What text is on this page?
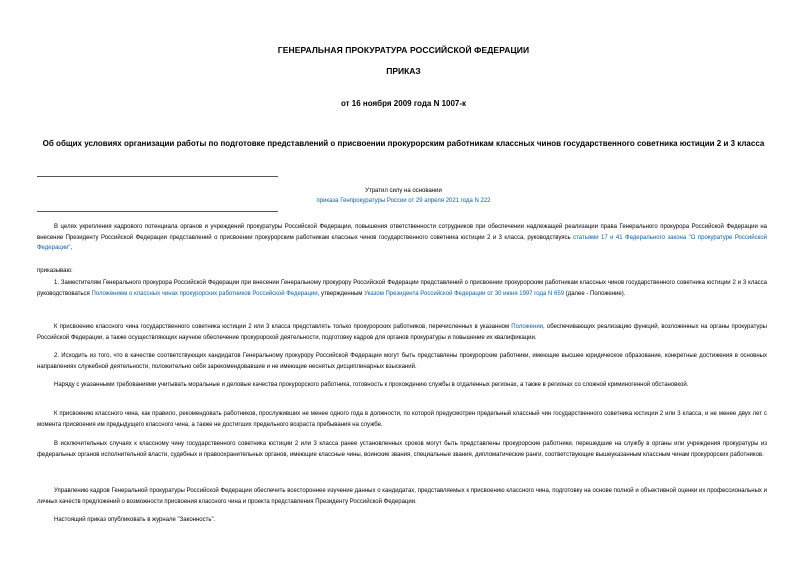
ГЕНЕРАЛЬНАЯ ПРОКУРАТУРА РОССИЙСКОЙ ФЕДЕРАЦИИ
ПРИКАЗ
от 16 ноября 2009 года N 1007-к
Об общих условиях организации работы по подготовке представлений о присвоении прокурорским работникам классных чинов государственного советника юстиции 2 и 3 класса
Утратил силу на основании
приказа Генпрокуратуры России от 29 апреля 2021 года N 222

В целях укрепления кадрового потенциала органов и учреждений прокуратуры Российской Федерации, повышения ответственности сотрудников при обеспечении надлежащей реализации права Генерального прокурора Российской Федерации на внесение Президенту Российской Федерации представлений о присвоении прокурорским работникам классных чинов государственного советника юстиции 2 и 3 класса, руководствуясь статьями 17 и 41 Федерального закона "О прокуратуре Российской Федерации",

приказываю:

1. Заместителям Генерального прокурора Российской Федерации при внесении Генеральному прокурору Российской Федерации представлений о присвоении прокурорским работникам классных чинов государственного советника юстиции 2 и 3 класса руководствоваться Положением о классных чинах прокурорских работников Российской Федерации, утвержденным Указом Президента Российской Федерации от 30 июня 1997 года N 659 (далее - Положение).

К присвоению классного чина государственного советника юстиции 2 или 3 класса представлять только прокурорских работников, перечисленных в указанном Положении, обеспечивающих реализацию функций, возложенных на органы прокуратуры Российской Федерации, а также осуществляющих научное обеспечение прокурорской деятельности, подготовку кадров для органов прокуратуры и повышение их квалификации.

2. Исходить из того, что в качестве соответствующих кандидатов Генеральному прокурору Российской Федерации могут быть представлены прокурорские работники, имеющие высшее юридическое образование, конкретные достижения в основных направлениях служебной деятельности, положительно себя зарекомендовавшие и не имеющие неснятых дисциплинарных взысканий.

Наряду с указанными требованиями учитывать моральные и деловые качества прокурорского работника, готовность к прохождению службы в отдаленных регионах, а также в регионах со сложной криминогенной обстановкой.

К присвоению классного чина, как правило, рекомендовать работников, прослуживших не менее одного года в должности, по которой предусмотрен предельный классный чин государственного советника юстиции 2 или 3 класса, и не менее двух лет с момента присвоения им предыдущего классного чина, а также не достигших предельного возраста пребывания на службе.

В исключительных случаях к классному чину государственного советника юстиции 2 или 3 класса ранее установленных сроков могут быть представлены прокурорские работники, перешедшие на службу в органы или учреждения прокуратуры из федеральных органов исполнительной власти, судебных и правоохранительных органов, имеющие классные чины, воинские звания, специальные звания, дипломатические ранги, соответствующие вышеуказанным классным чинам прокурорских работников.

Управлению кадров Генеральной прокуратуры Российской Федерации обеспечить всестороннее изучение данных о кандидатах, представляемых к присвоению классного чина, подготовку на основе полной и объективной оценки их профессиональных и личных качеств предложений о возможности присвоения классного чина и проекта представления Президенту Российской Федерации.

Настоящий приказ опубликовать в журнале "Законность".
